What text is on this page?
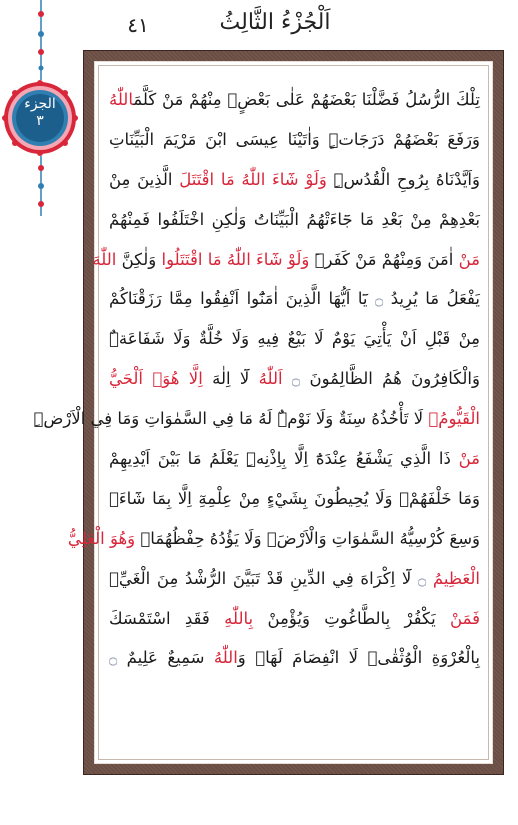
الجزء
٣
اَلْجُزْءُ الثَّالِثُ
٤١
تِلْكَ الرُّسُلُ فَضَّلْنَا بَعْضَهُمْ عَلٰى بَعْضٍۢ مِنْهُمْ مَنْ كَلَّمَاللّٰهُ
وَرَفَعَ بَعْضَهُمْ دَرَجَاتٍۜ وَاٰتَيْنَا عِيسَى ابْنَ مَرْيَمَ الْبَيِّنَاتِ
وَاَيَّدْنَاهُ بِرُوحِ الْقُدُسِۜ وَلَوْ شَٓاءَ اللّٰهُ مَا اقْتَتَلَ الَّذِينَ مِنْ
بَعْدِهِمْ مِنْ بَعْدِ مَا جَٓاءَتْهُمُ الْبَيِّنَاتُ وَلٰكِنِ اخْتَلَفُوا فَمِنْهُمْ
مَنْ اٰمَنَ وَمِنْهُمْ مَنْ كَفَرَۜ وَلَوْ شَٓاءَ اللّٰهُ مَا اقْتَتَلُوا وَلٰكِنَّ اللّٰهَ
يَفْعَلُ مَا يُرِيدُ ۝ يَٓا اَيُّهَا الَّذِينَ اٰمَنُٓوا اَنْفِقُوا مِمَّا رَزَقْنَاكُمْ
مِنْ قَبْلِ اَنْ يَأْتِيَ يَوْمٌ لَا بَيْعٌ فِيهِ وَلَا خُلَّةٌ وَلَا شَفَاعَةٌۜ
وَالْكَافِرُونَ هُمُ الظَّالِمُونَ ۝ اَللّٰهُ لَٓا اِلٰهَ اِلَّا هُوَۚ اَلْحَيُّ
الْقَيُّومُۚ لَا تَأْخُذُهُ سِنَةٌ وَلَا نَوْمٌۜ لَهُ مَا فِي السَّمٰوَاتِ وَمَا فِي الْاَرْضِۜ
مَنْ ذَا الَّذِي يَشْفَعُ عِنْدَهُٓ اِلَّا بِاِذْنِهِۜ يَعْلَمُ مَا بَيْنَ اَيْدِيهِمْ
وَمَا خَلْفَهُمْۚ وَلَا يُحِيطُونَ بِشَيْءٍ مِنْ عِلْمِهِٓ اِلَّا بِمَا شَٓاءَۚ
وَسِعَ كُرْسِيُّهُ السَّمٰوَاتِ وَالْاَرْضَۚ وَلَا يَؤُدُهُ حِفْظُهُمَاۚ وَهُوَ الْعَلِيُّ
الْعَظِيمُ ۝ لَٓا اِكْرَاهَ فِي الدِّينِ قَدْ تَبَيَّنَ الرُّشْدُ مِنَ الْغَيِّۚ
فَمَنْ يَكْفُرْ بِالطَّاغُوتِ وَيُؤْمِنْ بِاللّٰهِ فَقَدِ اسْتَمْسَكَ
بِالْعُرْوَةِ الْوُثْقٰىۗ لَا انْفِصَامَ لَهَاۜ وَاللّٰهُ سَمِيعٌ عَلِيمٌ ۝
